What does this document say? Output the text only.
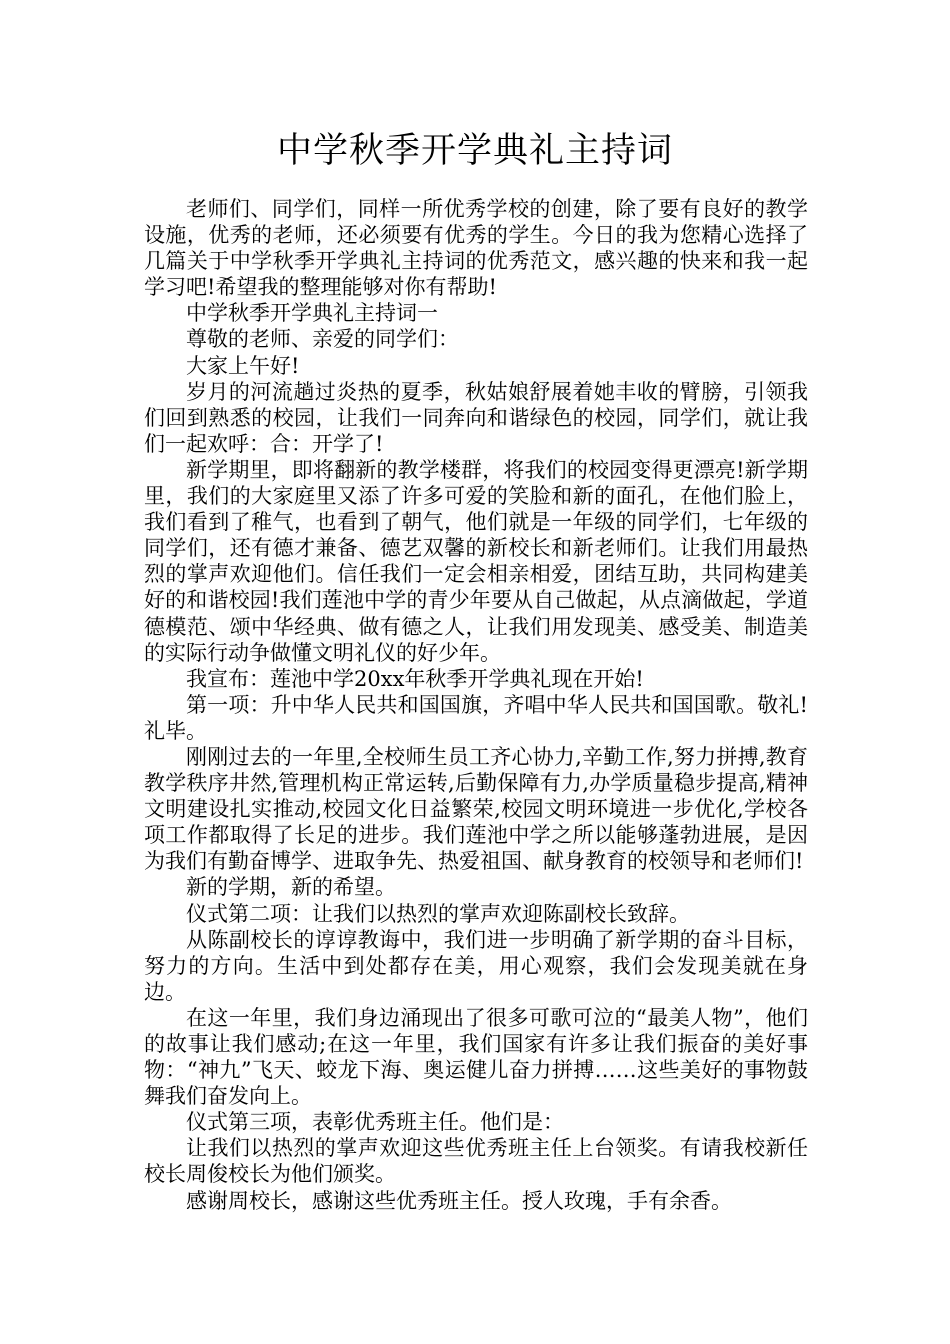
中学秋季开学典礼主持词

老师们、同学们，同样一所优秀学校的创建，除了要有良好的教学设施，优秀的老师，还必须要有优秀的学生。今日的我为您精心选择了几篇关于中学秋季开学典礼主持词的优秀范文，感兴趣的快来和我一起学习吧!希望我的整理能够对你有帮助!

中学秋季开学典礼主持词一

尊敬的老师、亲爱的同学们：

大家上午好!

岁月的河流趟过炎热的夏季，秋姑娘舒展着她丰收的臂膀，引领我们回到熟悉的校园，让我们一同奔向和谐绿色的校园，同学们，就让我们一起欢呼：合：开学了!

新学期里，即将翻新的教学楼群，将我们的校园变得更漂亮!新学期里，我们的大家庭里又添了许多可爱的笑脸和新的面孔，在他们脸上，我们看到了稚气，也看到了朝气，他们就是一年级的同学们，七年级的同学们，还有德才兼备、德艺双馨的新校长和新老师们。让我们用最热烈的掌声欢迎他们。信任我们一定会相亲相爱，团结互助，共同构建美好的和谐校园!我们莲池中学的青少年要从自己做起，从点滴做起，学道德模范、颂中华经典、做有德之人，让我们用发现美、感受美、制造美的实际行动争做懂文明礼仪的好少年。

我宣布：莲池中学20xx年秋季开学典礼现在开始!

第一项：升中华人民共和国国旗，齐唱中华人民共和国国歌。敬礼!礼毕。

刚刚过去的一年里,全校师生员工齐心协力,辛勤工作,努力拼搏,教育教学秩序井然,管理机构正常运转,后勤保障有力,办学质量稳步提高,精神文明建设扎实推动,校园文化日益繁荣,校园文明环境进一步优化,学校各项工作都取得了长足的进步。我们莲池中学之所以能够蓬勃进展，是因为我们有勤奋博学、进取争先、热爱祖国、献身教育的校领导和老师们!

新的学期，新的希望。

仪式第二项：让我们以热烈的掌声欢迎陈副校长致辞。

从陈副校长的谆谆教诲中，我们进一步明确了新学期的奋斗目标，努力的方向。生活中到处都存在美，用心观察，我们会发现美就在身边。

在这一年里，我们身边涌现出了很多可歌可泣的“最美人物”，他们的故事让我们感动;在这一年里，我们国家有许多让我们振奋的美好事物：“神九”飞天、蛟龙下海、奥运健儿奋力拼搏……这些美好的事物鼓舞我们奋发向上。

仪式第三项，表彰优秀班主任。他们是：

让我们以热烈的掌声欢迎这些优秀班主任上台领奖。有请我校新任校长周俊校长为他们颁奖。

感谢周校长，感谢这些优秀班主任。授人玫瑰，手有余香。
